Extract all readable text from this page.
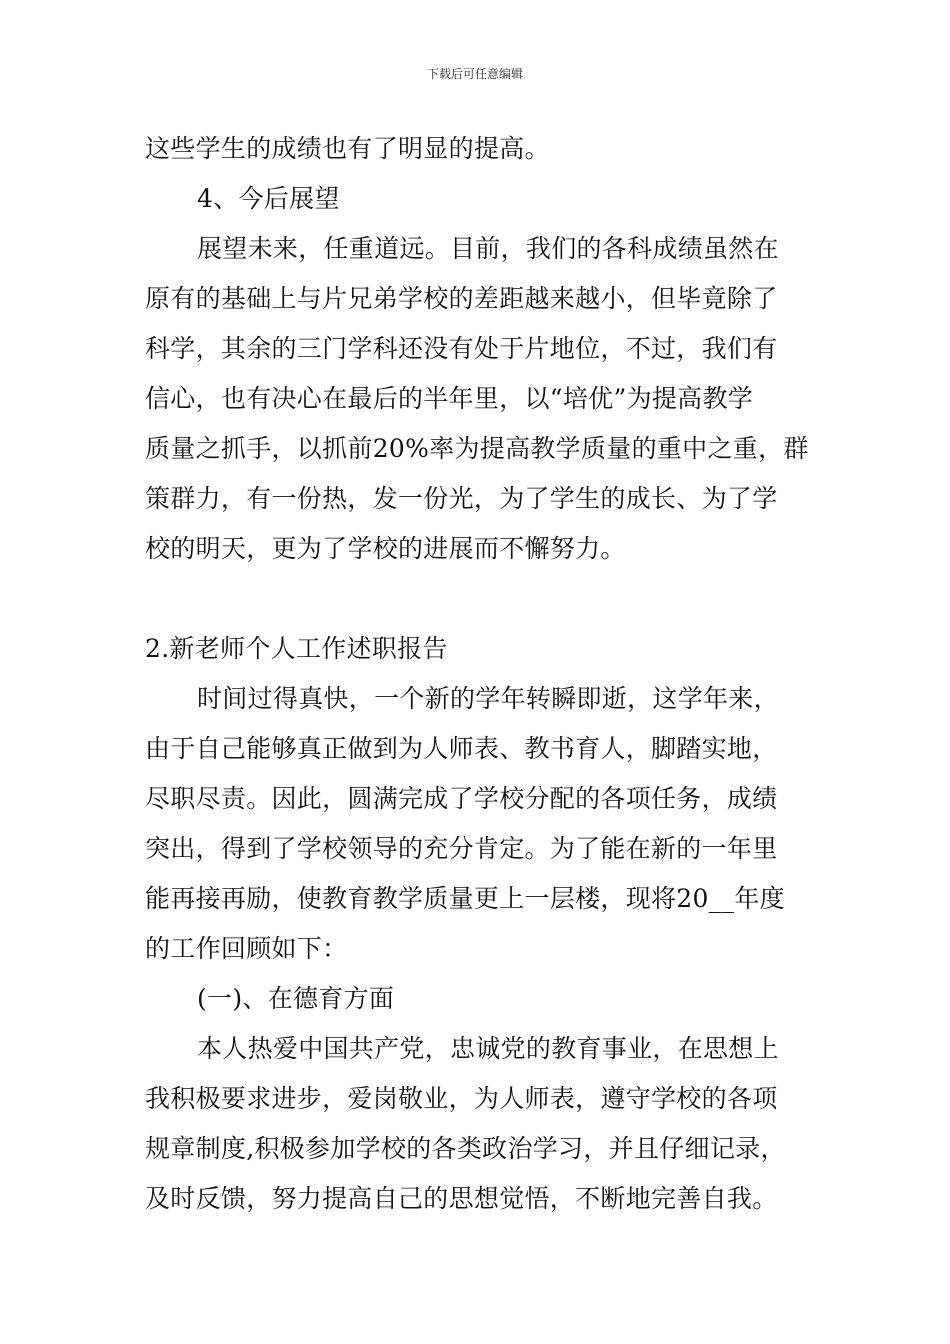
下载后可任意编辑
这些学生的成绩也有了明显的提高。
4、今后展望
展望未来，任重道远。目前，我们的各科成绩虽然在
原有的基础上与片兄弟学校的差距越来越小，但毕竟除了
科学，其余的三门学科还没有处于片地位，不过，我们有
信心，也有决心在最后的半年里，以“培优”为提高教学
质量之抓手，以抓前20%率为提高教学质量的重中之重，群
策群力，有一份热，发一份光，为了学生的成长、为了学
校的明天，更为了学校的进展而不懈努力。
2.新老师个人工作述职报告
时间过得真快，一个新的学年转瞬即逝，这学年来，
由于自己能够真正做到为人师表、教书育人，脚踏实地，
尽职尽责。因此，圆满完成了学校分配的各项任务，成绩
突出，得到了学校领导的充分肯定。为了能在新的一年里
能再接再励，使教育教学质量更上一层楼，现将20__年度
的工作回顾如下：
(一)、在德育方面
本人热爱中国共产党，忠诚党的教育事业，在思想上
我积极要求进步，爱岗敬业，为人师表，遵守学校的各项
规章制度,积极参加学校的各类政治学习，并且仔细记录，
及时反馈，努力提高自己的思想觉悟，不断地完善自我。
